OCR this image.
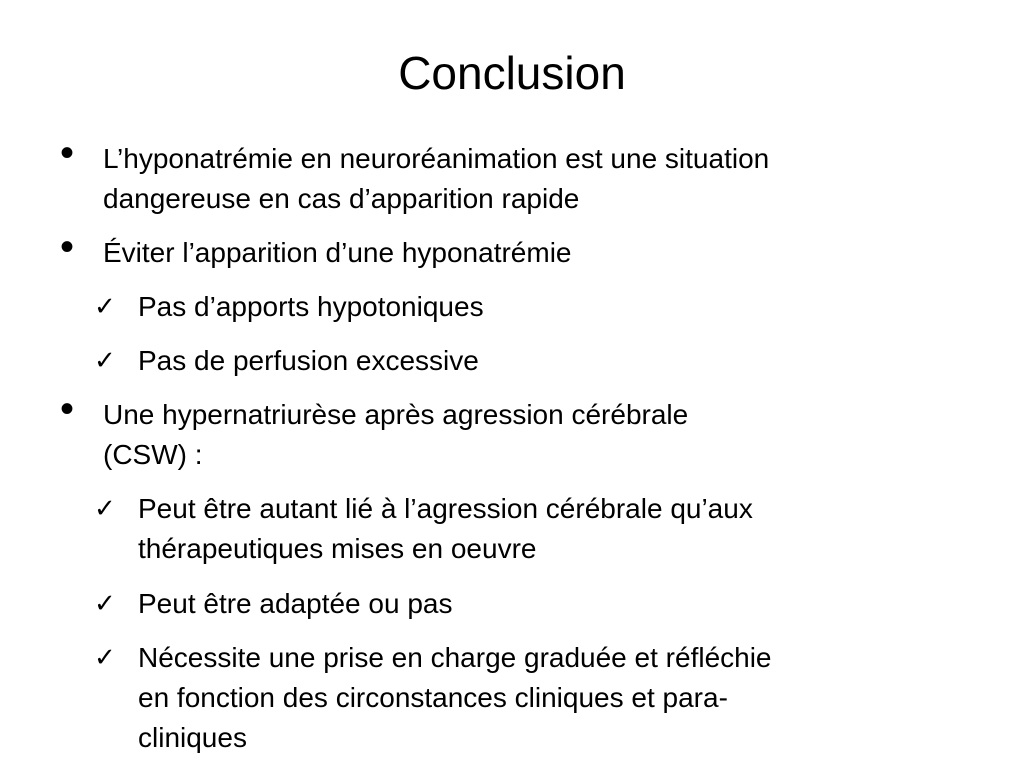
Conclusion
• L’hyponatrémie en neuroréanimation est une situation
dangereuse en cas d’apparition rapide
• Éviter l’apparition d’une hyponatrémie
✓ Pas d’apports hypotoniques
✓ Pas de perfusion excessive
• Une hypernatriurèse après agression cérébrale
(CSW) :
✓ Peut être autant lié à l’agression cérébrale qu’aux
thérapeutiques mises en oeuvre
✓ Peut être adaptée ou pas
✓ Nécessite une prise en charge graduée et réfléchie
en fonction des circonstances cliniques et para-
cliniques
